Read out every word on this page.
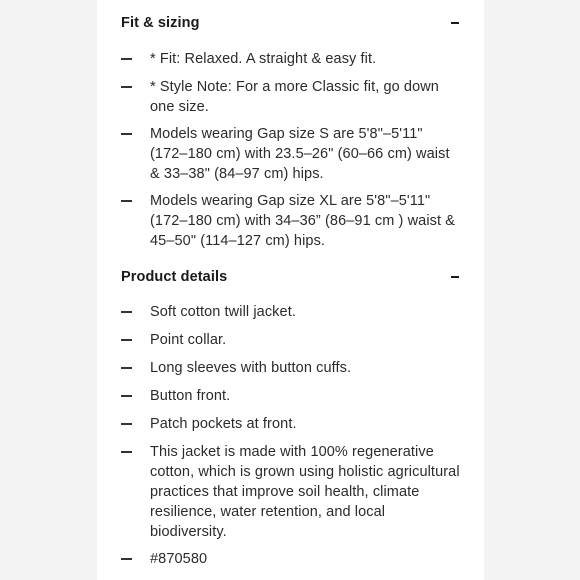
Fit & sizing
* Fit: Relaxed. A straight & easy fit.
* Style Note: For a more Classic fit, go down one size.
Models wearing Gap size S are 5'8"–5'11" (172–180 cm) with 23.5–26" (60–66 cm) waist & 33–38" (84–97 cm) hips.
Models wearing Gap size XL are 5'8"–5'11" (172–180 cm) with 34–36” (86–91 cm ) waist & 45–50" (114–127 cm) hips.
Product details
Soft cotton twill jacket.
Point collar.
Long sleeves with button cuffs.
Button front.
Patch pockets at front.
This jacket is made with 100% regenerative cotton, which is grown using holistic agricultural practices that improve soil health, climate resilience, water retention, and local biodiversity.
#870580
